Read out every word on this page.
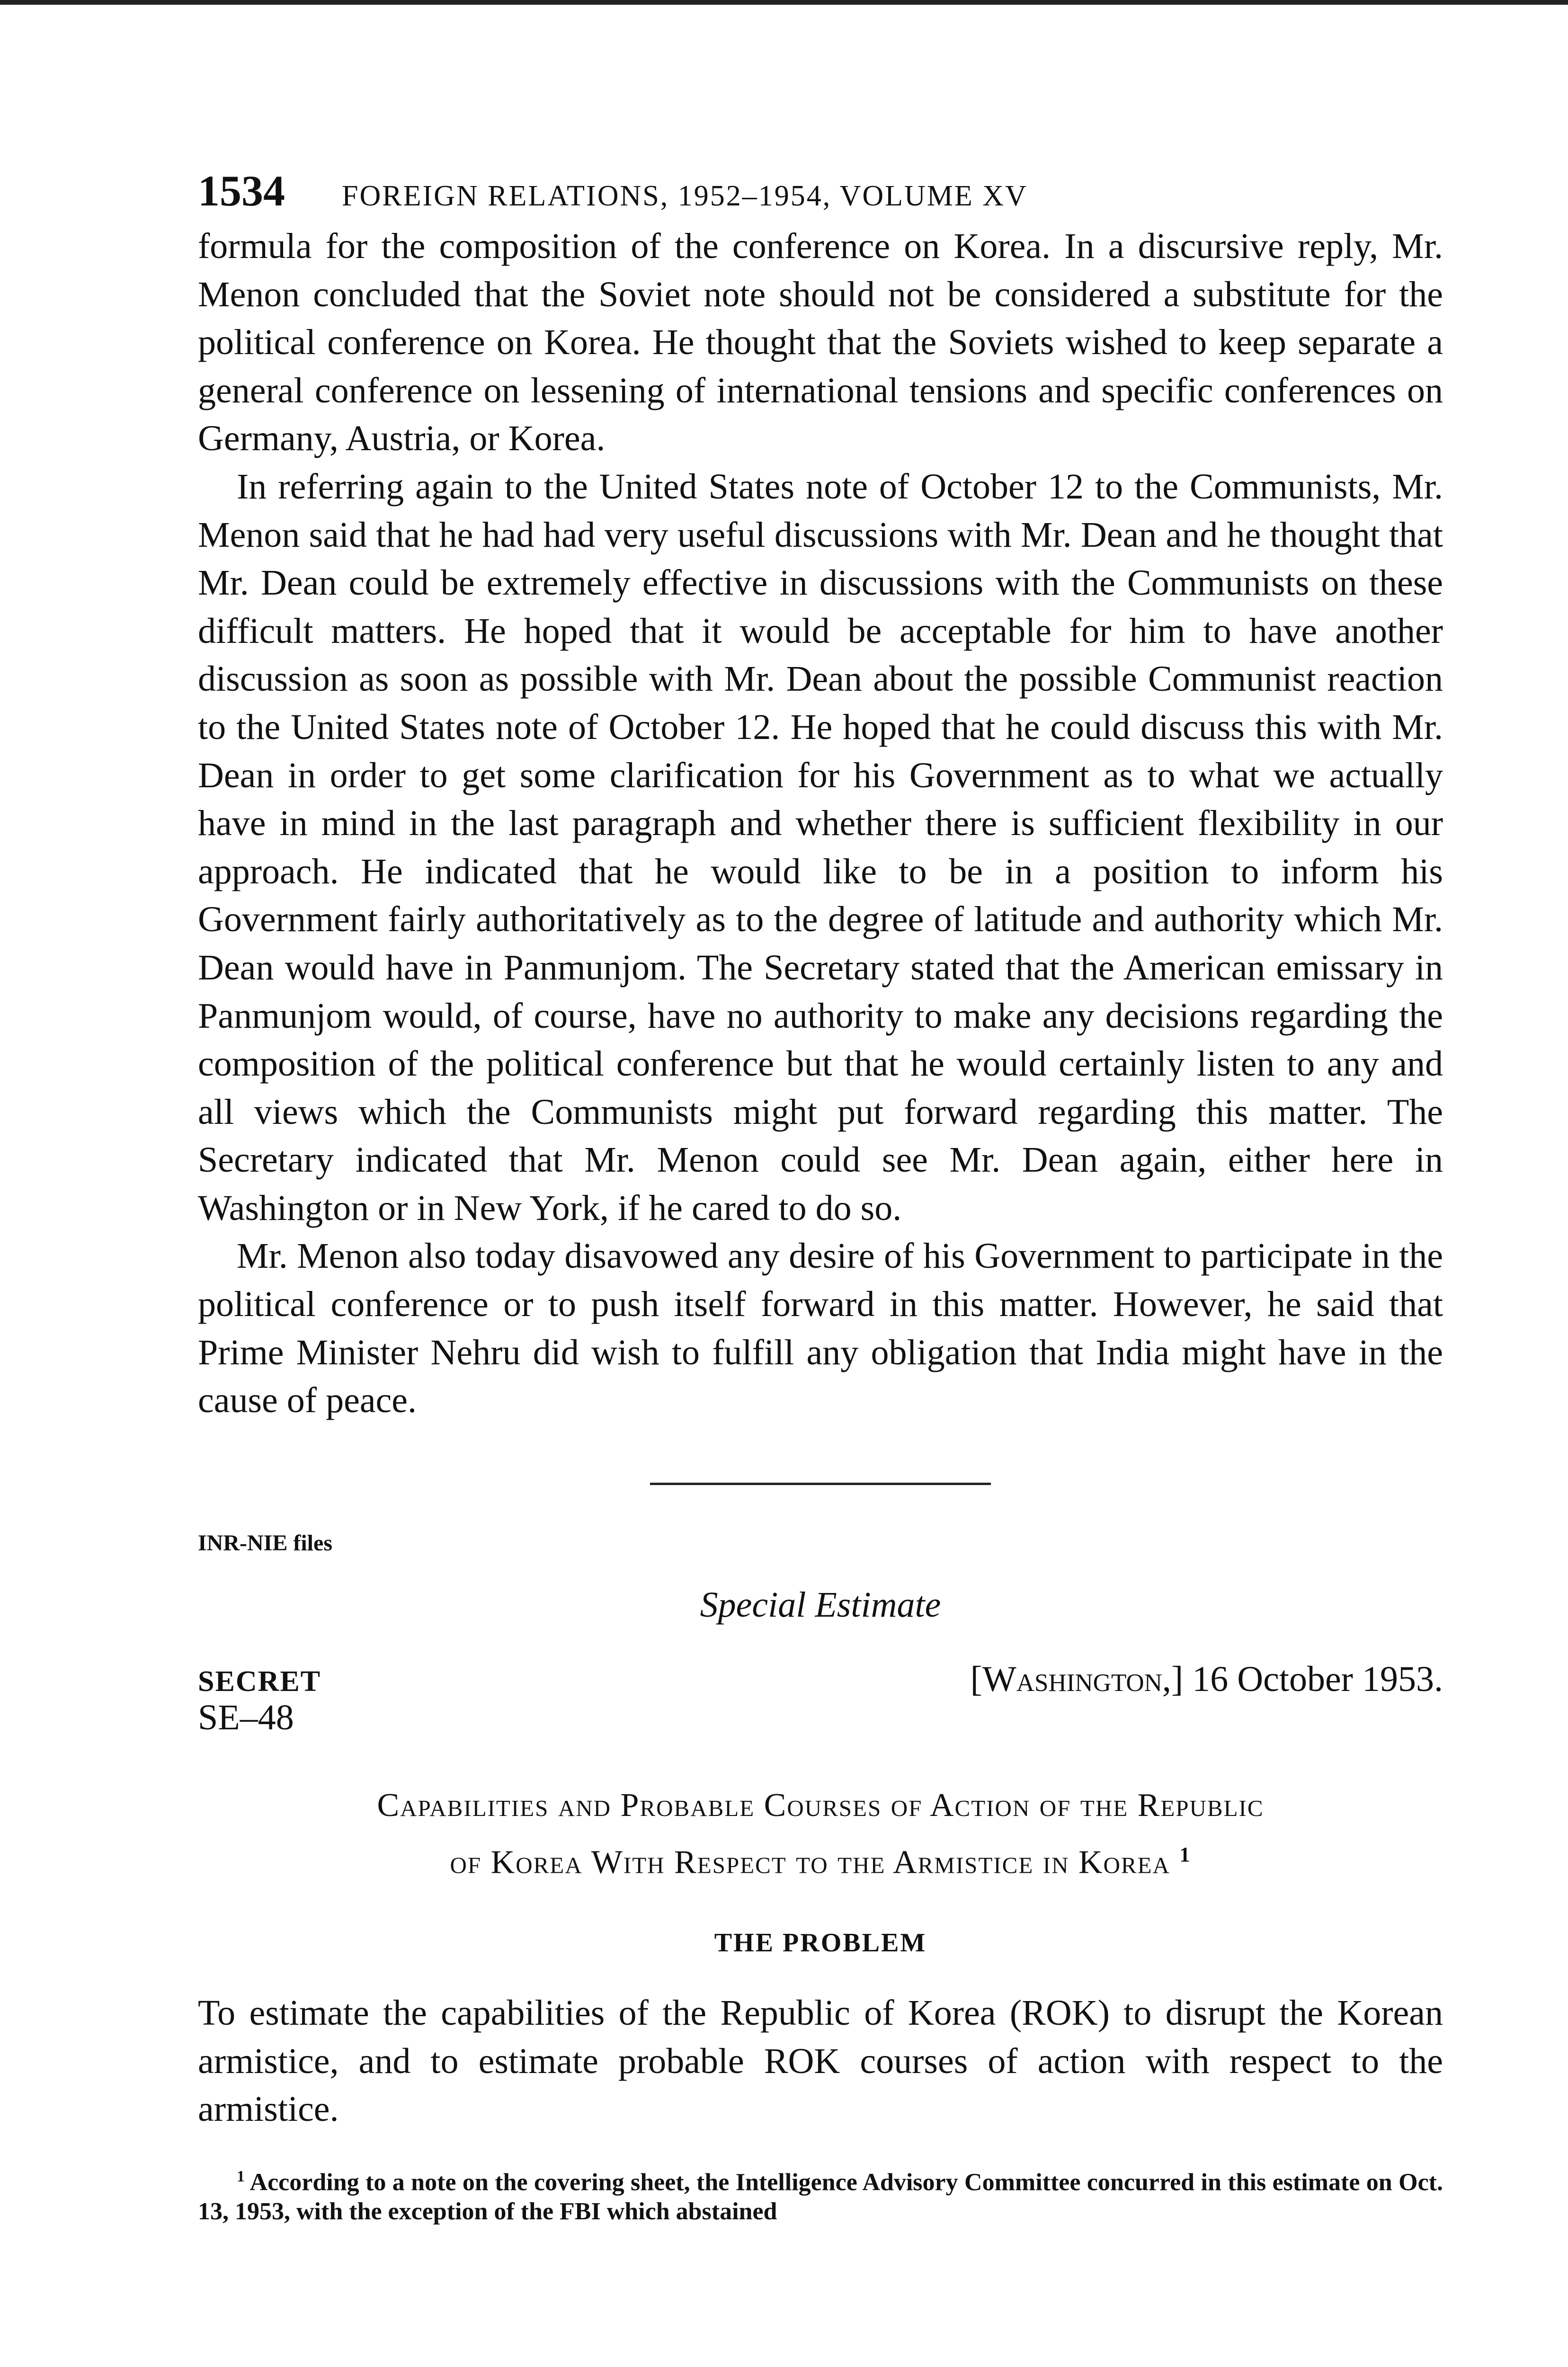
1534 FOREIGN RELATIONS, 1952–1954, VOLUME XV

formula for the composition of the conference on Korea. In a discursive reply, Mr. Menon concluded that the Soviet note should not be considered a substitute for the political conference on Korea. He thought that the Soviets wished to keep separate a general conference on lessening of international tensions and specific conferences on Germany, Austria, or Korea.

In referring again to the United States note of October 12 to the Communists, Mr. Menon said that he had had very useful discussions with Mr. Dean and he thought that Mr. Dean could be extremely effective in discussions with the Communists on these difficult matters. He hoped that it would be acceptable for him to have another discussion as soon as possible with Mr. Dean about the possible Communist reaction to the United States note of October 12. He hoped that he could discuss this with Mr. Dean in order to get some clarification for his Government as to what we actually have in mind in the last paragraph and whether there is sufficient flexibility in our approach. He indicated that he would like to be in a position to inform his Government fairly authoritatively as to the degree of latitude and authority which Mr. Dean would have in Panmunjom. The Secretary stated that the American emissary in Panmunjom would, of course, have no authority to make any decisions regarding the composition of the political conference but that he would certainly listen to any and all views which the Communists might put forward regarding this matter. The Secretary indicated that Mr. Menon could see Mr. Dean again, either here in Washington or in New York, if he cared to do so.

Mr. Menon also today disavowed any desire of his Government to participate in the political conference or to push itself forward in this matter. However, he said that Prime Minister Nehru did wish to fulfill any obligation that India might have in the cause of peace.

INR-NIE files

Special Estimate
SECRET	[Washington,] 16 October 1953.
SE–48
Capabilities and Probable Courses of Action of the Republic
of Korea With Respect to the Armistice in Korea $^1$
THE PROBLEM

To estimate the capabilities of the Republic of Korea (ROK) to disrupt the Korean armistice, and to estimate probable ROK courses of action with respect to the armistice.

$^1$ According to a note on the covering sheet, the Intelligence Advisory Committee concurred in this estimate on Oct. 13, 1953, with the exception of the FBI which abstained
